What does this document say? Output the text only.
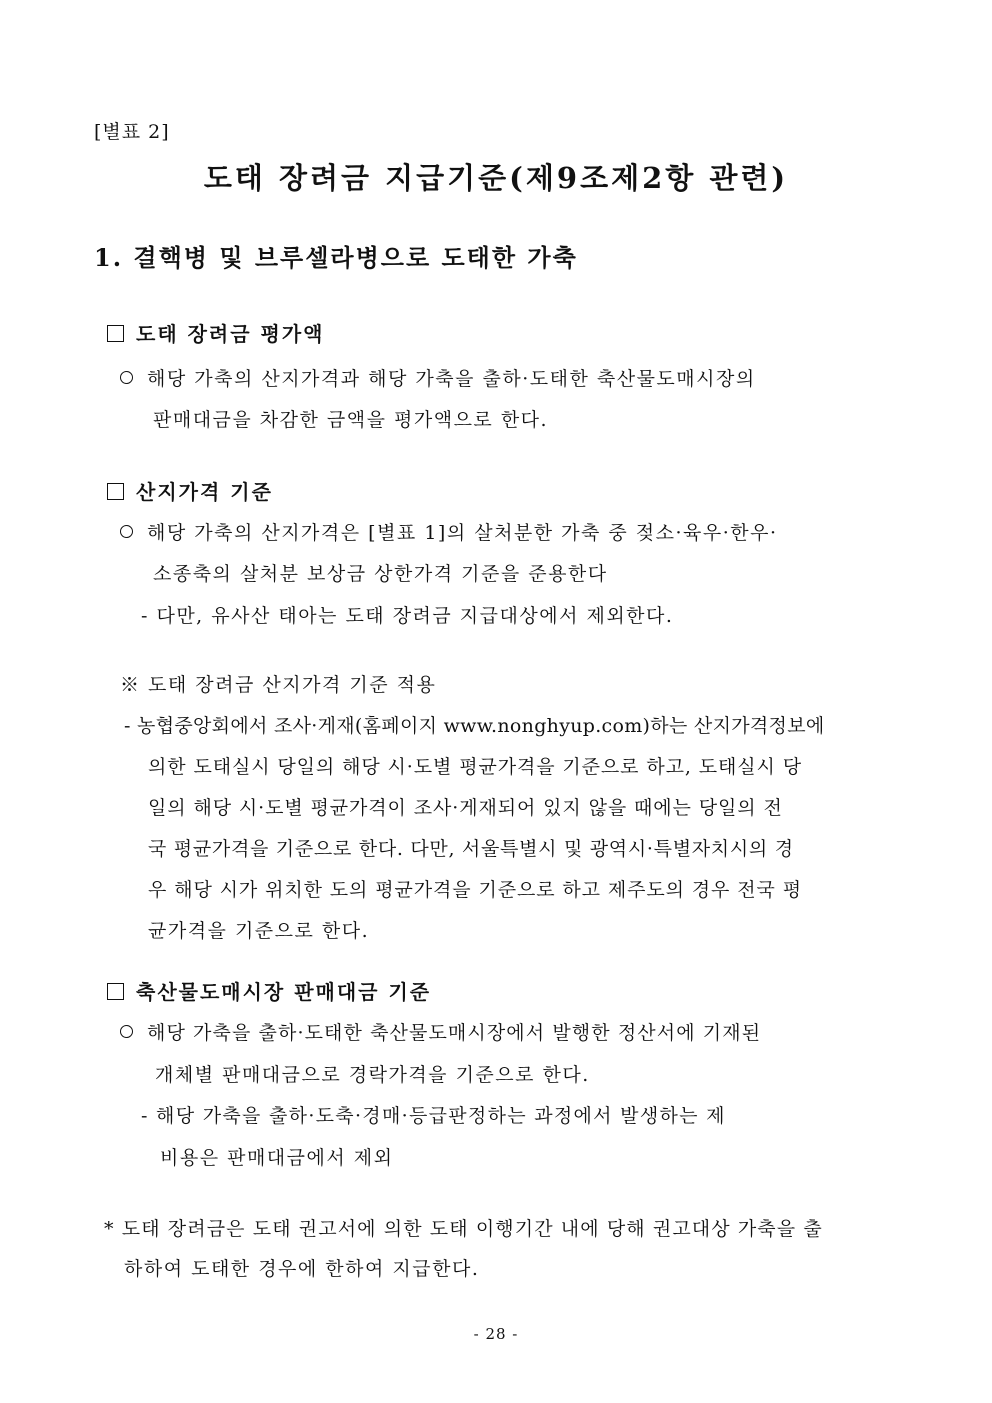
[별표 2]
도태 장려금 지급기준(제9조제2항 관련)
1. 결핵병 및 브루셀라병으로 도태한 가축
도태 장려금 평가액
해당 가축의 산지가격과 해당 가축을 출하·도태한 축산물도매시장의
판매대금을 차감한 금액을 평가액으로 한다.
산지가격 기준
해당 가축의 산지가격은 [별표 1]의 살처분한 가축 중 젖소·육우·한우·
소종축의 살처분 보상금 상한가격 기준을 준용한다
- 다만, 유사산 태아는 도태 장려금 지급대상에서 제외한다.
※ 도태 장려금 산지가격 기준 적용
- 농협중앙회에서 조사·게재(홈페이지 www.nonghyup.com)하는 산지가격정보에
의한 도태실시 당일의 해당 시·도별 평균가격을 기준으로 하고, 도태실시 당
일의 해당 시·도별 평균가격이 조사·게재되어 있지 않을 때에는 당일의 전
국 평균가격을 기준으로 한다. 다만, 서울특별시 및 광역시·특별자치시의 경
우 해당 시가 위치한 도의 평균가격을 기준으로 하고 제주도의 경우 전국 평
균가격을 기준으로 한다.
축산물도매시장 판매대금 기준
해당 가축을 출하·도태한 축산물도매시장에서 발행한 정산서에 기재된
개체별 판매대금으로 경락가격을 기준으로 한다.
- 해당 가축을 출하·도축·경매·등급판정하는 과정에서 발생하는 제
비용은 판매대금에서 제외
* 도태 장려금은 도태 권고서에 의한 도태 이행기간 내에 당해 권고대상 가축을 출
하하여 도태한 경우에 한하여 지급한다.
- 28 -
